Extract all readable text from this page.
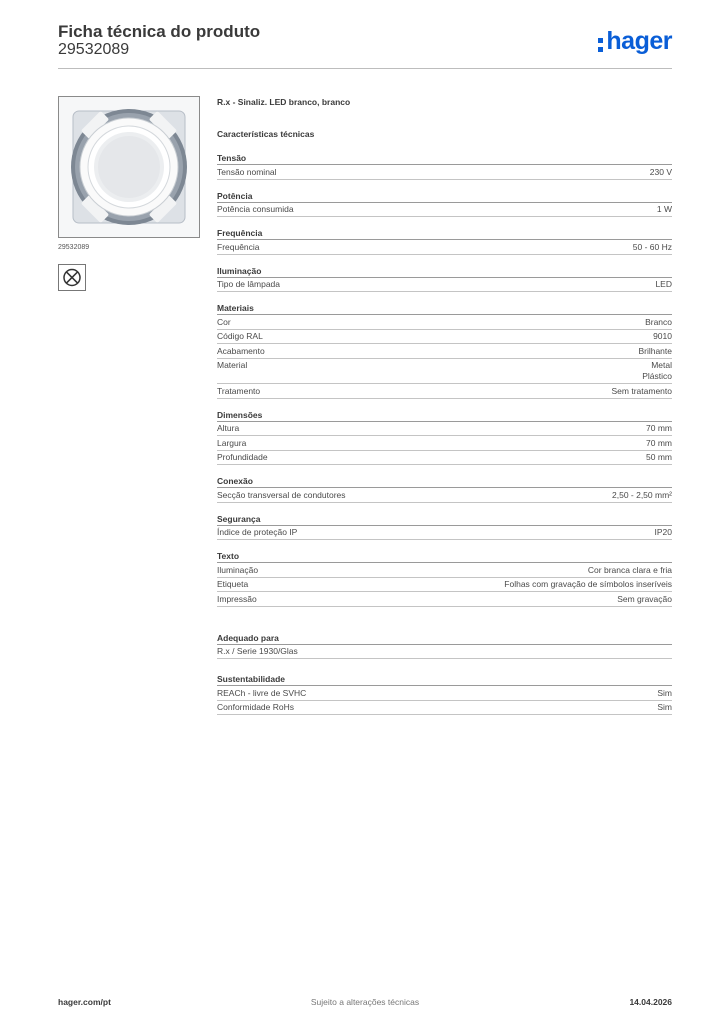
Ficha técnica do produto
29532089	hager
29532089
R.x - Sinaliz. LED branco, branco
Características técnicas
Tensão
Tensão nominal	230 V
Potência
Potência consumida	1 W
Frequência
Frequência	50 - 60 Hz
Iluminação
Tipo de lâmpada	LED
Materiais
Cor	Branco
Código RAL	9010
Acabamento	Brilhante
Material	Metal
Plástico
Tratamento	Sem tratamento
Dimensões
Altura	70 mm
Largura	70 mm
Profundidade	50 mm
Conexão
Secção transversal de condutores	2,50 - 2,50 mm²
Segurança
Índice de proteção IP	IP20
Texto
Iluminação	Cor branca clara e fria
Etiqueta	Folhas com gravação de símbolos inseríveis
Impressão	Sem gravação
Adequado para
R.x / Serie 1930/Glas
Sustentabilidade
REACh - livre de SVHC	Sim
Conformidade RoHs	Sim
hager.com/pt	Sujeito a alterações técnicas	14.04.2026
